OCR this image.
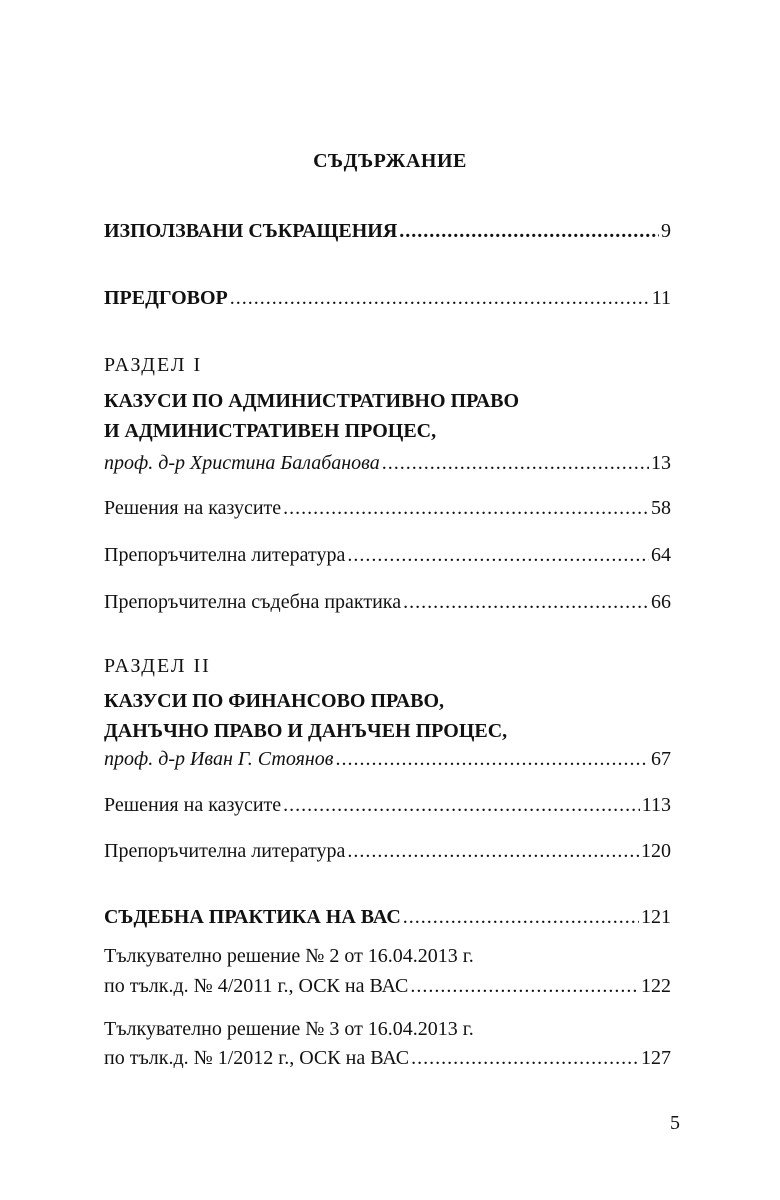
СЪДЪРЖАНИЕ
ИЗПОЛЗВАНИ СЪКРАЩЕНИЯ .....	9
ПРЕДГОВОР .....	11
РАЗДЕЛ I
КАЗУСИ ПО АДМИНИСТРАТИВНО ПРАВО
И АДМИНИСТРАТИВЕН ПРОЦЕС,
проф. д-р Христина Балабанова .....	13
Решения на казусите .....	58
Препоръчителна литература .....	64
Препоръчителна съдебна практика .....	66
РАЗДЕЛ II
КАЗУСИ ПО ФИНАНСОВО ПРАВО,
ДАНЪЧНО ПРАВО И ДАНЪЧЕН ПРОЦЕС,
проф. д-р Иван Г. Стоянов .....	67
Решения на казусите .....	113
Препоръчителна литература .....	120
СЪДЕБНА ПРАКТИКА НА ВАС .....	121
Тълкувателно решение № 2 от 16.04.2013 г.
по тълк.д. № 4/2011 г., ОСК на ВАС .....	122
Тълкувателно решение № 3 от 16.04.2013 г.
по тълк.д. № 1/2012 г., ОСК на ВАС .....	127
5
